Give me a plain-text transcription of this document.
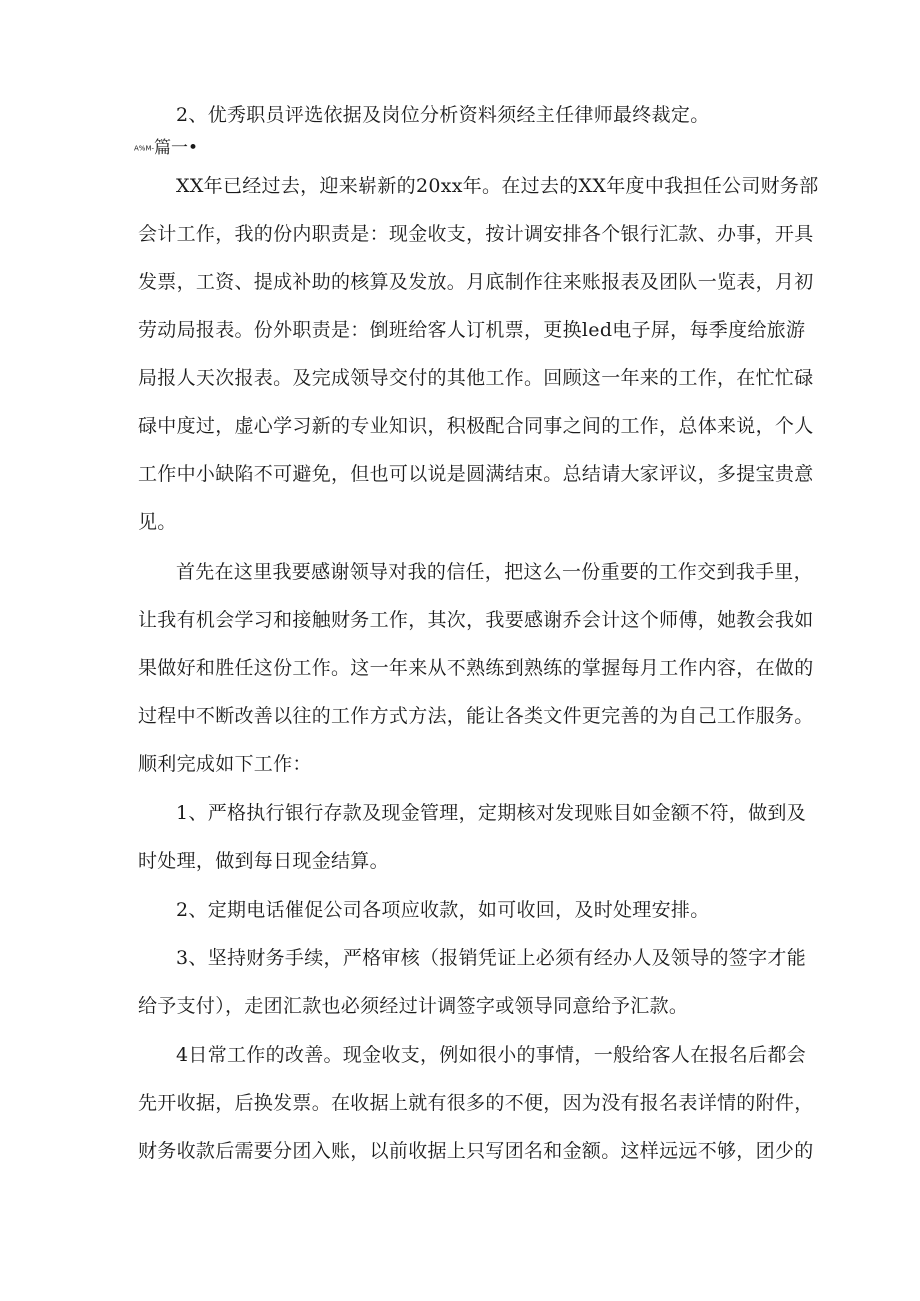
2、优秀职员评选依据及岗位分析资料须经主任律师最终裁定。
A%M-篇一•
XX年已经过去，迎来崭新的20xx年。在过去的XX年度中我担任公司财务部
会计工作，我的份内职责是：现金收支，按计调安排各个银行汇款、办事，开具
发票，工资、提成补助的核算及发放。月底制作往来账报表及团队一览表，月初
劳动局报表。份外职责是：倒班给客人订机票，更换led电子屏，每季度给旅游
局报人天次报表。及完成领导交付的其他工作。回顾这一年来的工作，在忙忙碌
碌中度过，虚心学习新的专业知识，积极配合同事之间的工作，总体来说，个人
工作中小缺陷不可避免，但也可以说是圆满结束。总结请大家评议，多提宝贵意
见。
首先在这里我要感谢领导对我的信任，把这么一份重要的工作交到我手里，
让我有机会学习和接触财务工作，其次，我要感谢乔会计这个师傅，她教会我如
果做好和胜任这份工作。这一年来从不熟练到熟练的掌握每月工作内容，在做的
过程中不断改善以往的工作方式方法，能让各类文件更完善的为自己工作服务。
顺利完成如下工作：
1、严格执行银行存款及现金管理，定期核对发现账目如金额不符，做到及
时处理，做到每日现金结算。
2、定期电话催促公司各项应收款，如可收回，及时处理安排。
3、坚持财务手续，严格审核（报销凭证上必须有经办人及领导的签字才能
给予支付），走团汇款也必须经过计调签字或领导同意给予汇款。
4日常工作的改善。现金收支，例如很小的事情，一般给客人在报名后都会
先开收据，后换发票。在收据上就有很多的不便，因为没有报名表详情的附件，
财务收款后需要分团入账，以前收据上只写团名和金额。这样远远不够，团少的
